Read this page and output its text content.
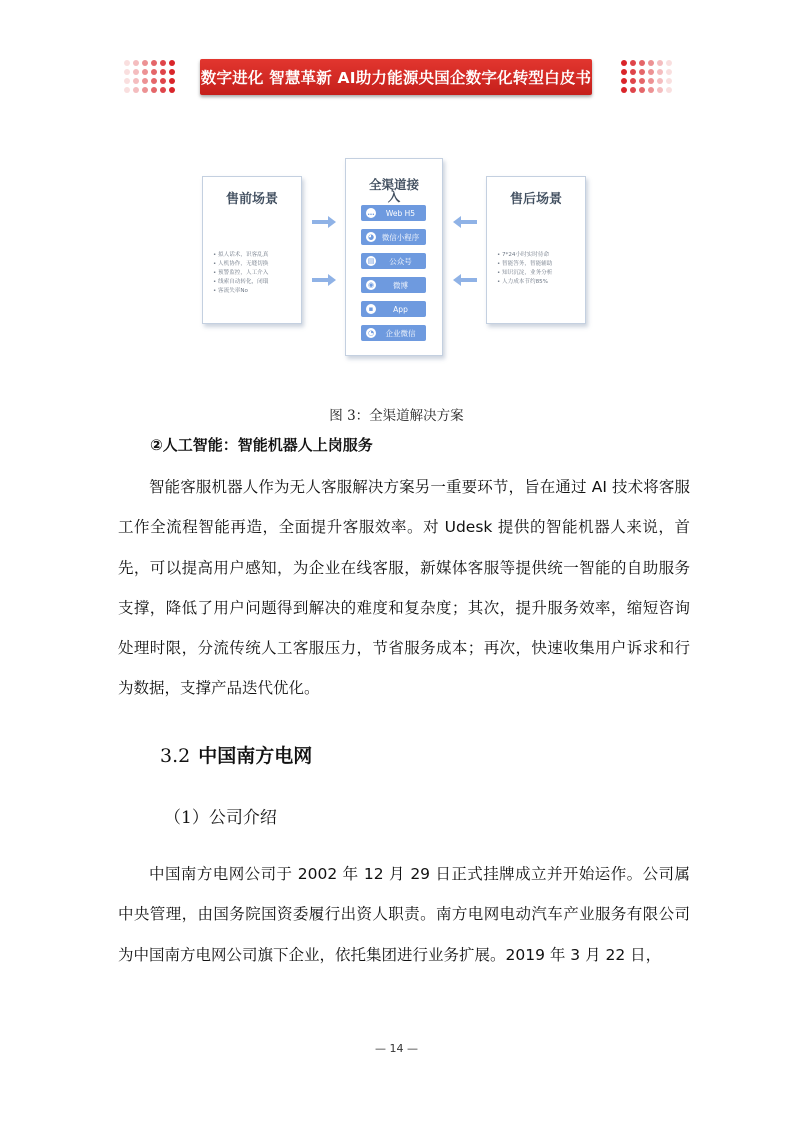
数字进化 智慧革新 AI助力能源央国企数字化转型白皮书
售前场景
• 拟人话术，识客乱真
• 人机协作，无缝切换
• 预警监控，人工介入
• 线索自动转化，闭環
• 客流失率No
全渠道接入
…	Web H5
◕ 微信小程序
▤	公众号
◉	微博
▪	App
◔	企业微信
售后场景
• 7*24小时实时待命
• 智能答务，智能辅助
• 知识沉淀，业务分析
• 人力成本节约85%
图 3：全渠道解决方案
②人工智能：智能机器人上岗服务

智能客服机器人作为无人客服解决方案另一重要环节，旨在通过 AI 技术将客服工作全流程智能再造，全面提升客服效率。对 Udesk 提供的智能机器人来说，首先，可以提高用户感知，为企业在线客服，新媒体客服等提供统一智能的自助服务支撑，降低了用户问题得到解决的难度和复杂度；其次，提升服务效率，缩短咨询处理时限，分流传统人工客服压力，节省服务成本；再次，快速收集用户诉求和行为数据，支撑产品迭代优化。

3.2 中国南方电网
（1）公司介绍

中国南方电网公司于 2002 年 12 月 29 日正式挂牌成立并开始运作。公司属中央管理，由国务院国资委履行出资人职责。南方电网电动汽车产业服务有限公司为中国南方电网公司旗下企业，依托集团进行业务扩展。2019 年 3 月 22 日，

— 14 —
